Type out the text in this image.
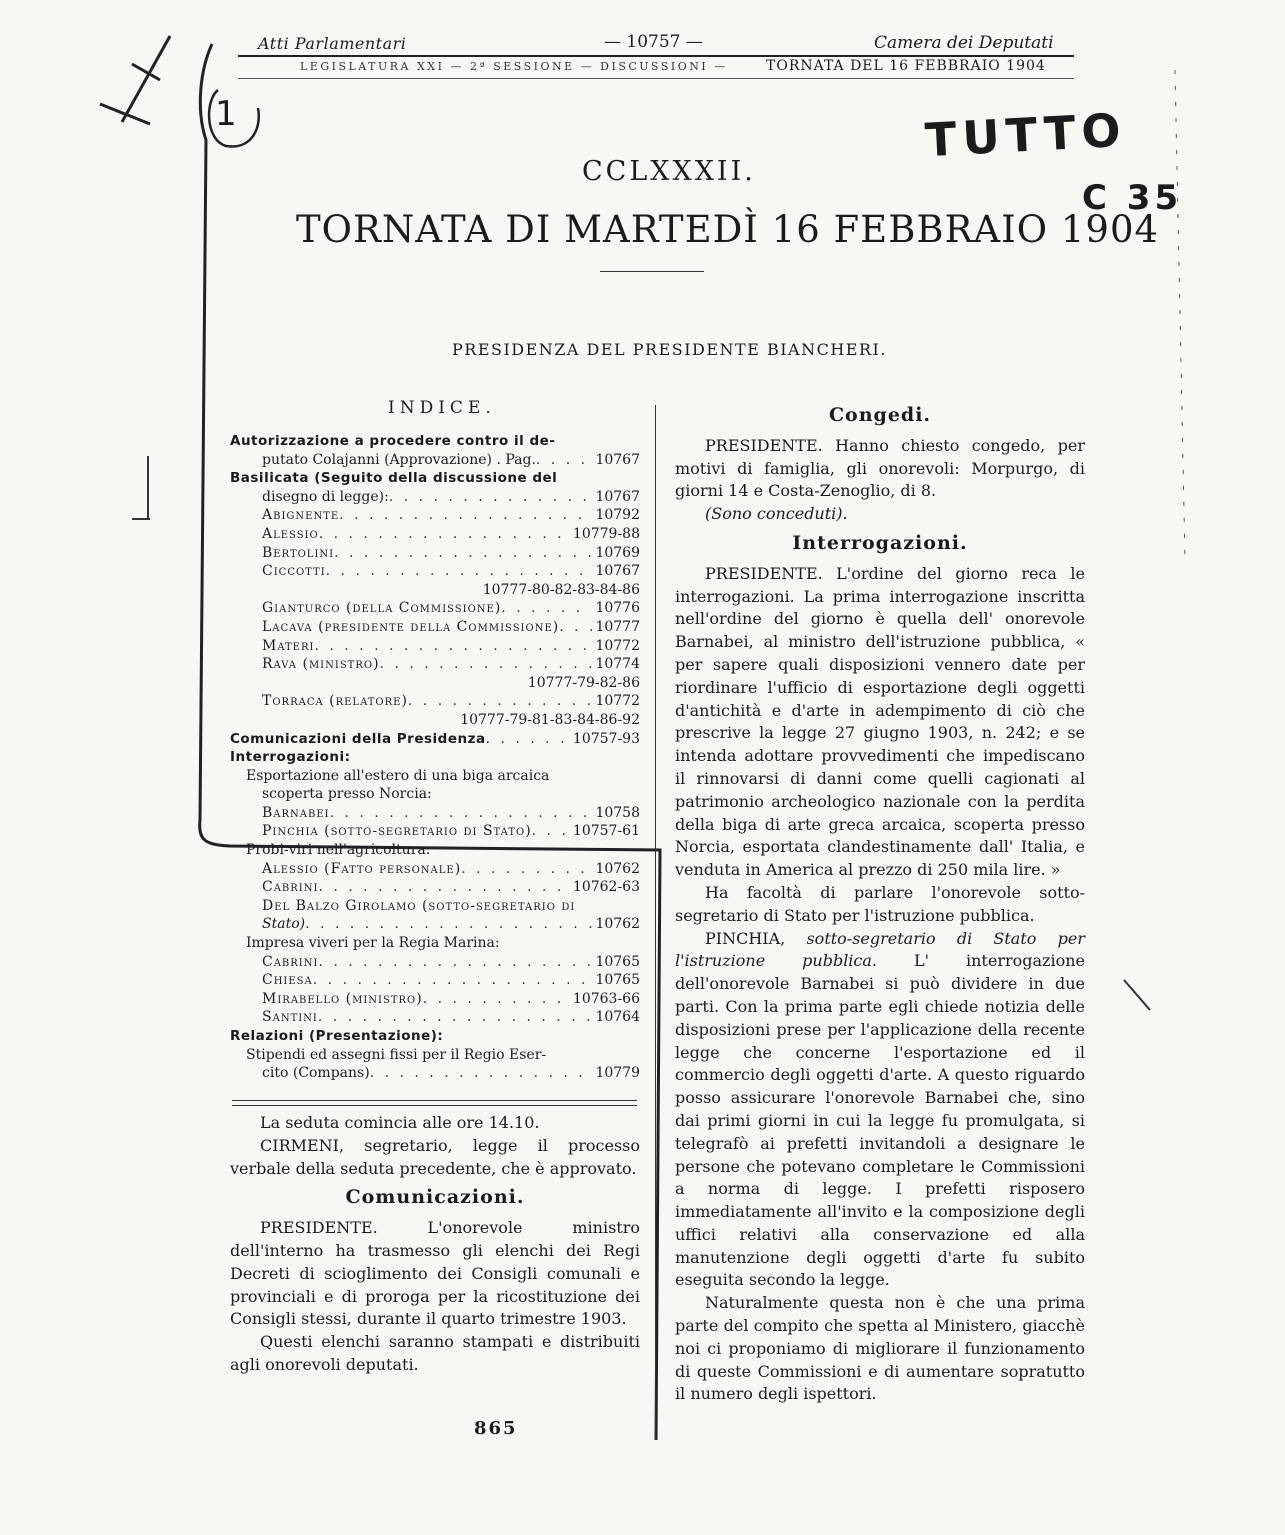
Atti Parlamentari	— 10757 —	Camera dei Deputati
LEGISLATURA XXI — 2ª SESSIONE — DISCUSSIONI —	TORNATA DEL 16 FEBBRAIO 1904
1	TUTTO
C 35
CCLXXXII.
TORNATA DI MARTEDÌ 16 FEBBRAIO 1904
PRESIDENZA DEL PRESIDENTE BIANCHERI.
INDICE.
Autorizzazione a procedere contro il de-
putato Colajanni (Approvazione) . Pag. . . .	10767
Basilicata (Seguito della discussione del
disegno di legge): . . .	10767
Abignente . . .	10792
Alessio . . .	10779-88
Bertolini . . .	10769
Ciccotti . . .	10767
10777-80-82-83-84-86
Gianturco (della Commissione) . . .	10776
Lacava (presidente della Commissione) . . .	10777
Materi . . .	10772
Rava (ministro) . . .	10774
10777-79-82-86
Torraca (relatore) . . .	10772
10777-79-81-83-84-86-92
Comunicazioni della Presidenza . . .	10757-93
Interrogazioni:
Esportazione all'estero di una biga arcaica
scoperta presso Norcia:
Barnabei . . .	10758
Pinchia (sotto-segretario di Stato) . . .	10757-61
Probi-viri nell'agricoltura:
Alessio (Fatto personale) . . .	10762
Cabrini . . .	10762-63
Del Balzo Girolamo (sotto-segretario di
Stato) . . .	10762
Impresa viveri per la Regia Marina:
Cabrini . . .	10765
Chiesa . . .	10765
Mirabello (ministro) . . .	10763-66
Santini . . .	10764
Relazioni (Presentazione):
Stipendi ed assegni fissi per il Regio Eser-
cito (Compans) . . .	10779

La seduta comincia alle ore 14.10.

CIRMENI, segretario, legge il processo verbale della seduta precedente, che è approvato.

Comunicazioni.

PRESIDENTE. L'onorevole ministro dell'interno ha trasmesso gli elenchi dei Regi Decreti di scioglimento dei Consigli comunali e provinciali e di proroga per la ricostituzione dei Consigli stessi, durante il quarto trimestre 1903.

Questi elenchi saranno stampati e distribuiti agli onorevoli deputati.

865
Congedi.

PRESIDENTE. Hanno chiesto congedo, per motivi di famiglia, gli onorevoli: Morpurgo, di giorni 14 e Costa-Zenoglio, di 8.

(Sono conceduti).

Interrogazioni.

PRESIDENTE. L'ordine del giorno reca le interrogazioni. La prima interrogazione inscritta nell'ordine del giorno è quella dell' onorevole Barnabei, al ministro dell'istruzione pubblica, « per sapere quali disposizioni vennero date per riordinare l'ufficio di esportazione degli oggetti d'antichità e d'arte in adempimento di ciò che prescrive la legge 27 giugno 1903, n. 242; e se intenda adottare provvedimenti che impediscano il rinnovarsi di danni come quelli cagionati al patrimonio archeologico nazionale con la perdita della biga di arte greca arcaica, scoperta presso Norcia, esportata clandestinamente dall' Italia, e venduta in America al prezzo di 250 mila lire. »

Ha facoltà di parlare l'onorevole sotto-segretario di Stato per l'istruzione pubblica.

PINCHIA, sotto-segretario di Stato per l'istruzione pubblica. L' interrogazione dell'onorevole Barnabei si può dividere in due parti. Con la prima parte egli chiede notizia delle disposizioni prese per l'applicazione della recente legge che concerne l'esportazione ed il commercio degli oggetti d'arte. A questo riguardo posso assicurare l'onorevole Barnabei che, sino dai primi giorni in cui la legge fu promulgata, si telegrafò ai prefetti invitandoli a designare le persone che potevano completare le Commissioni a norma di legge. I prefetti risposero immediatamente all'invito e la composizione degli uffici relativi alla conservazione ed alla manutenzione degli oggetti d'arte fu subito eseguita secondo la legge.

Naturalmente questa non è che una prima parte del compito che spetta al Ministero, giacchè noi ci proponiamo di migliorare il funzionamento di queste Commissioni e di aumentare sopratutto il numero degli ispettori.
